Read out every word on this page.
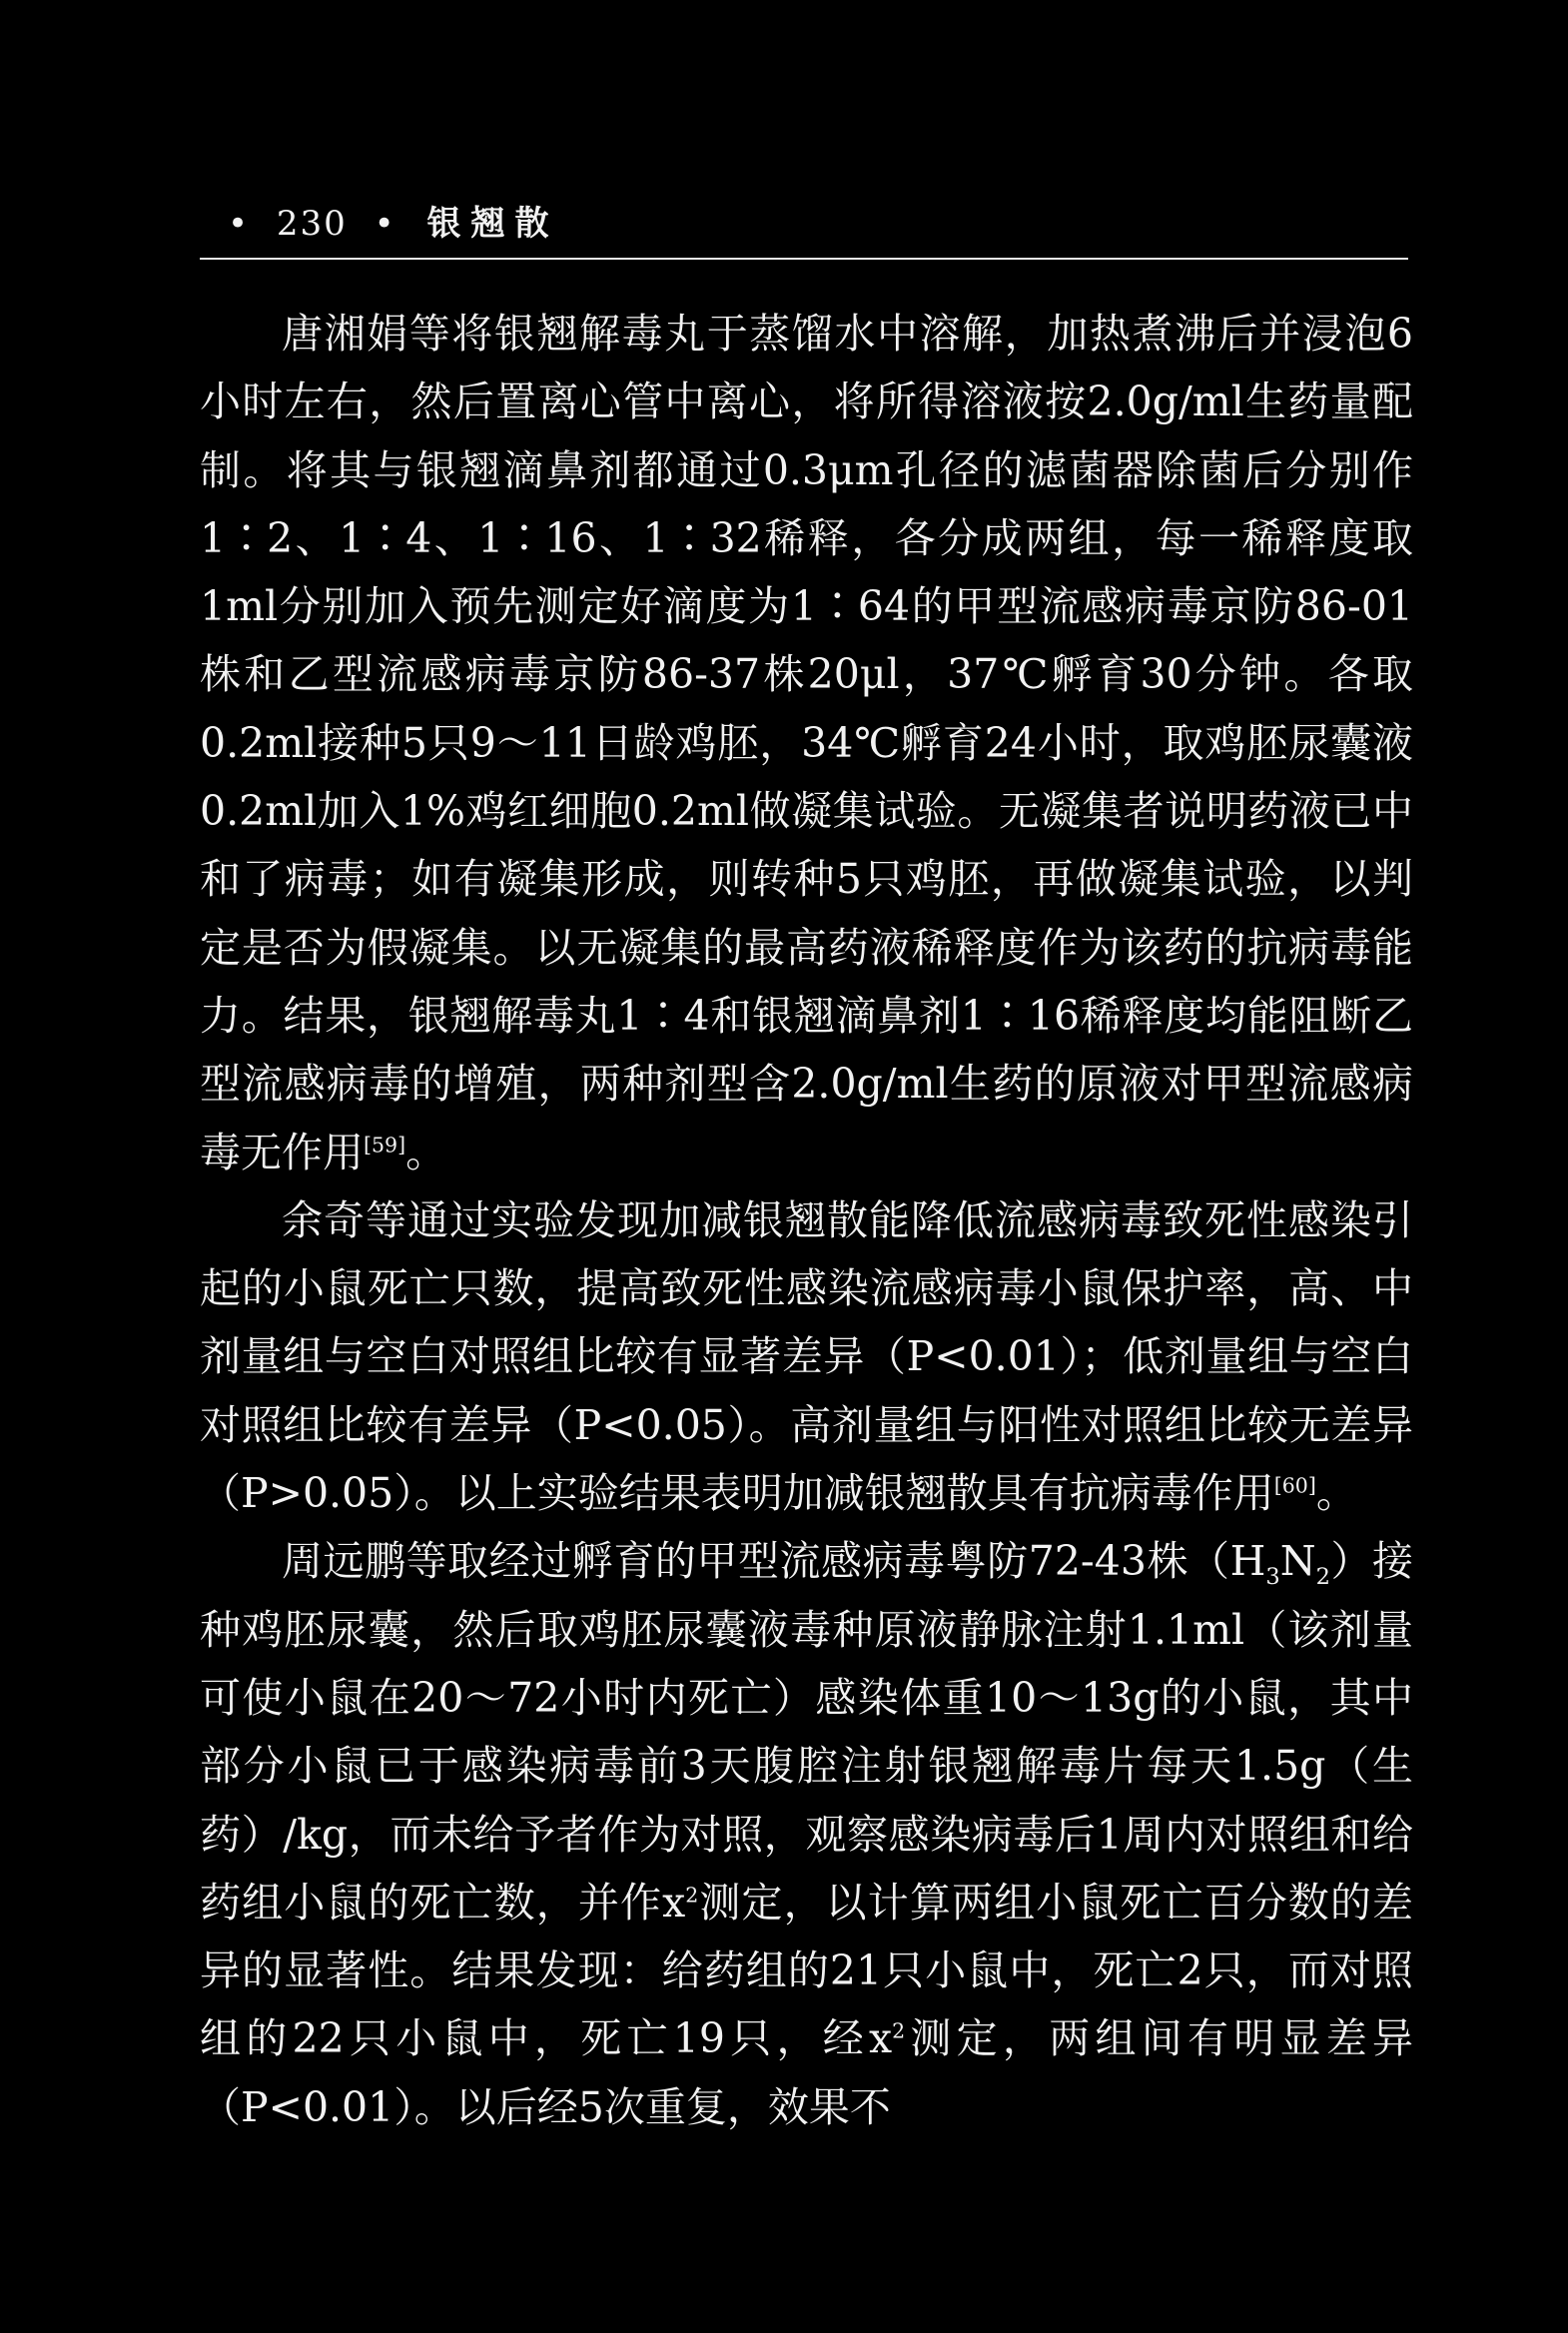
• 230 • 银翘散

唐湘娟等将银翘解毒丸于蒸馏水中溶解，加热煮沸后并浸泡6小时左右，然后置离心管中离心，将所得溶液按2.0g/ml生药量配制。将其与银翘滴鼻剂都通过0.3μm孔径的滤菌器除菌后分别作1∶2、1∶4、1∶16、1∶32稀释，各分成两组，每一稀释度取1ml分别加入预先测定好滴度为1∶64的甲型流感病毒京防86-01株和乙型流感病毒京防86-37株20μl，37℃孵育30分钟。各取0.2ml接种5只9～11日龄鸡胚，34℃孵育24小时，取鸡胚尿囊液0.2ml加入1%鸡红细胞0.2ml做凝集试验。无凝集者说明药液已中和了病毒；如有凝集形成，则转种5只鸡胚，再做凝集试验，以判定是否为假凝集。以无凝集的最高药液稀释度作为该药的抗病毒能力。结果，银翘解毒丸1∶4和银翘滴鼻剂1∶16稀释度均能阻断乙型流感病毒的增殖，两种剂型含2.0g/ml生药的原液对甲型流感病毒无作用[59]。

余奇等通过实验发现加减银翘散能降低流感病毒致死性感染引起的小鼠死亡只数，提高致死性感染流感病毒小鼠保护率，高、中剂量组与空白对照组比较有显著差异（P<0.01）；低剂量组与空白对照组比较有差异（P<0.05）。高剂量组与阳性对照组比较无差异（P>0.05）。以上实验结果表明加减银翘散具有抗病毒作用[60]。

周远鹏等取经过孵育的甲型流感病毒粤防72-43株$(H_3N_2)$接种鸡胚尿囊，然后取鸡胚尿囊液毒种原液静脉注射1.1ml（该剂量可使小鼠在20～72小时内死亡）感染体重10～13g的小鼠，其中部分小鼠已于感染病毒前3天腹腔注射银翘解毒片每天1.5g（生药）/kg，而未给予者作为对照，观察感染病毒后1周内对照组和给药组小鼠的死亡数，并作$x^2$测定，以计算两组小鼠死亡百分数的差异的显著性。结果发现：给药组的21只小鼠中，死亡2只，而对照组的22只小鼠中，死亡19只，经$x^2$测定，两组间有明显差异（P<0.01）。以后经5次重复，效果不
